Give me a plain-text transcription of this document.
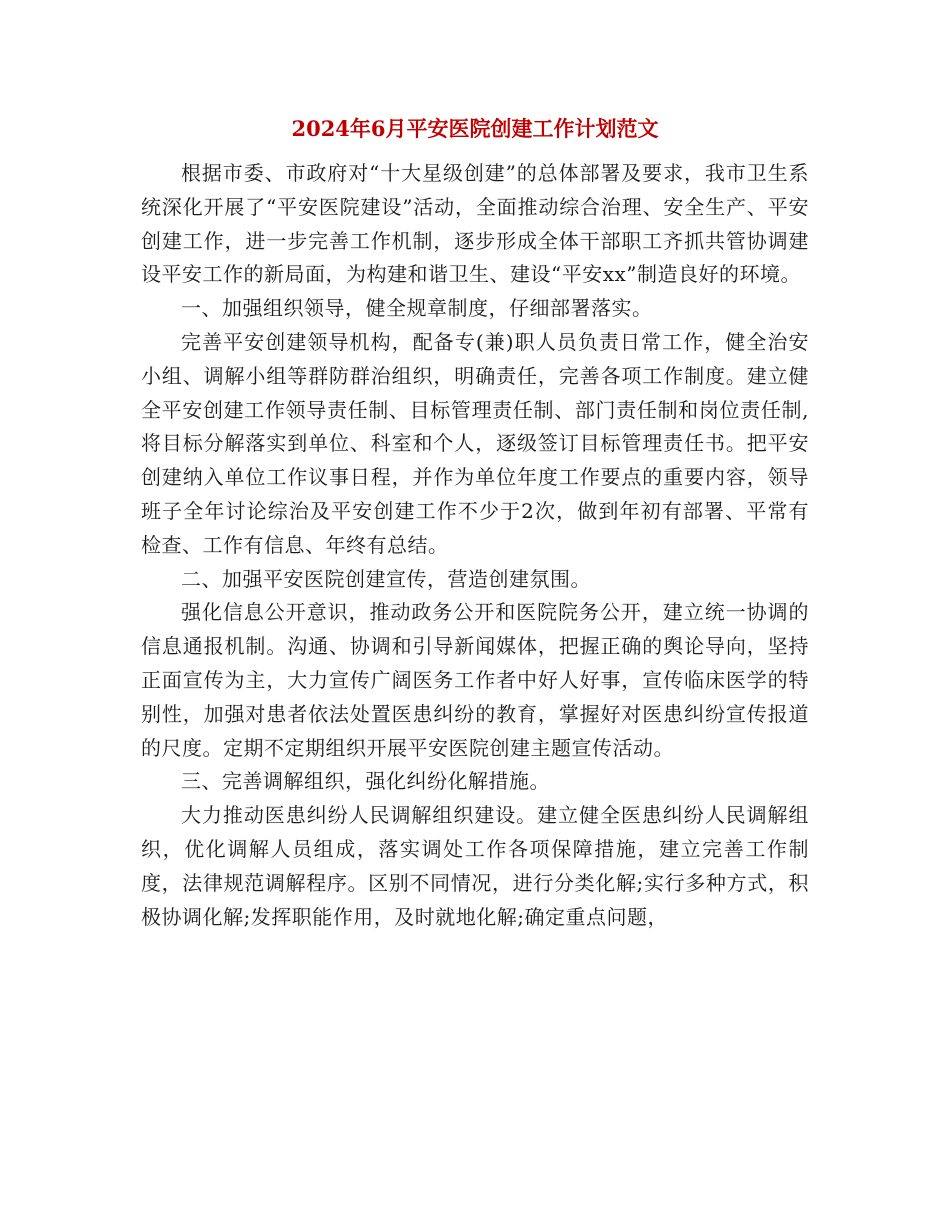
2024年6月平安医院创建工作计划范文

根据市委、市政府对“十大星级创建”的总体部署及要求，我市卫生系统深化开展了“平安医院建设”活动，全面推动综合治理、安全生产、平安创建工作，进一步完善工作机制，逐步形成全体干部职工齐抓共管协调建设平安工作的新局面，为构建和谐卫生、建设“平安xx”制造良好的环境。

一、加强组织领导，健全规章制度，仔细部署落实。

完善平安创建领导机构，配备专(兼)职人员负责日常工作，健全治安小组、调解小组等群防群治组织，明确责任，完善各项工作制度。建立健全平安创建工作领导责任制、目标管理责任制、部门责任制和岗位责任制,将目标分解落实到单位、科室和个人，逐级签订目标管理责任书。把平安创建纳入单位工作议事日程，并作为单位年度工作要点的重要内容，领导班子全年讨论综治及平安创建工作不少于2次，做到年初有部署、平常有检查、工作有信息、年终有总结。

二、加强平安医院创建宣传，营造创建氛围。

强化信息公开意识，推动政务公开和医院院务公开，建立统一协调的信息通报机制。沟通、协调和引导新闻媒体，把握正确的舆论导向，坚持正面宣传为主，大力宣传广阔医务工作者中好人好事，宣传临床医学的特别性，加强对患者依法处置医患纠纷的教育，掌握好对医患纠纷宣传报道的尺度。定期不定期组织开展平安医院创建主题宣传活动。

三、完善调解组织，强化纠纷化解措施。

大力推动医患纠纷人民调解组织建设。建立健全医患纠纷人民调解组织，优化调解人员组成，落实调处工作各项保障措施，建立完善工作制度，法律规范调解程序。区别不同情况，进行分类化解;实行多种方式，积极协调化解;发挥职能作用，及时就地化解;确定重点问题，
